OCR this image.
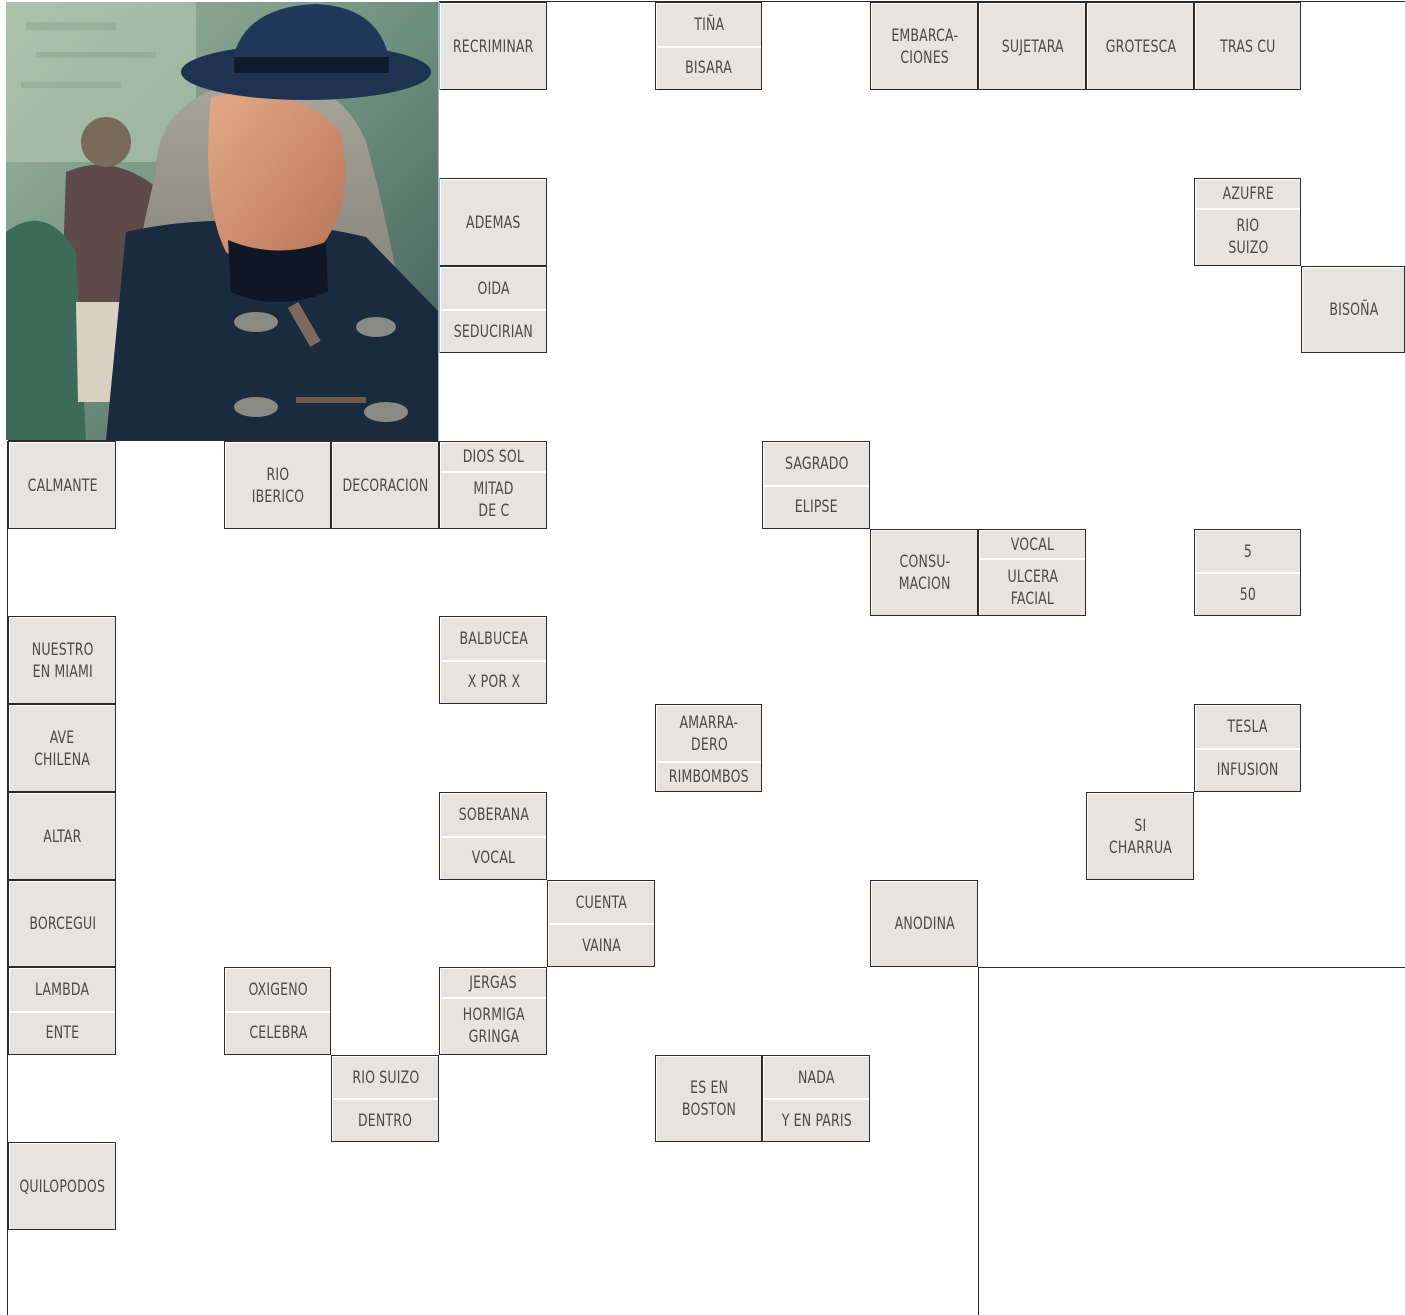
RECRIMINAR
TIÑA
BISARA
EMBARCA-
CIONES
SUJETARA GROTESCA	TRAS CU
ADEMAS
AZUFRE
RIO
SUIZO
OIDA
SEDUCIRIAN
BISOÑA
CALMANTE
RIO
IBERICO
DECORACION
DIOS SOL
MITAD
DE C
SAGRADO
ELIPSE
CONSU-
MACION
VOCAL
ULCERA
FACIAL
5
50
NUESTRO
EN MIAMI
BALBUCEA
X POR X
AVE
CHILENA
AMARRA-
DERO
RIMBOMBOS
TESLA
INFUSION
ALTAR
SOBERANA
VOCAL
SI
CHARRUA
BORCEGUI
CUENTA
VAINA
ANODINA
LAMBDA
ENTE
OXIGENO
CELEBRA
JERGAS
HORMIGA
GRINGA
RIO SUIZO
DENTRO
ES EN
BOSTON
NADA
Y EN PARIS
QUILOPODOS
